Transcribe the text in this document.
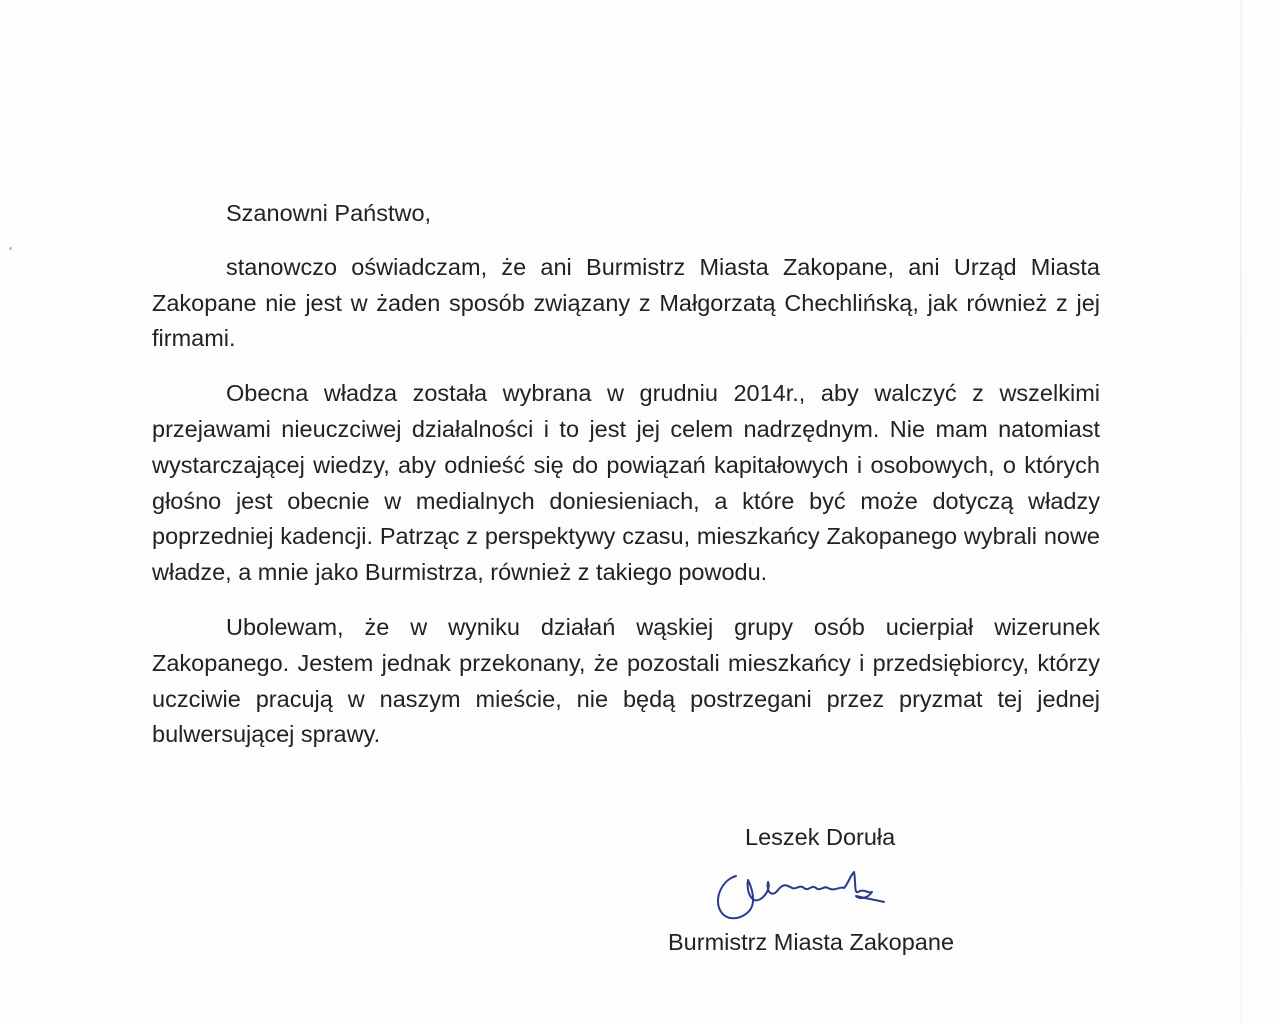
Szanowni Państwo,

stanowczo oświadczam, że ani Burmistrz Miasta Zakopane, ani Urząd Miasta Zakopane nie jest w żaden sposób związany z Małgorzatą Chechlińską, jak również z jej firmami.

Obecna władza została wybrana w grudniu 2014r., aby walczyć z wszelkimi przejawami nieuczciwej działalności i to jest jej celem nadrzędnym. Nie mam natomiast wystarczającej wiedzy, aby odnieść się do powiązań kapitałowych i osobowych, o których głośno jest obecnie w medialnych doniesieniach, a które być może dotyczą władzy poprzedniej kadencji. Patrząc z perspektywy czasu, mieszkańcy Zakopanego wybrali nowe władze, a mnie jako Burmistrza, również z takiego powodu.

Ubolewam, że w wyniku działań wąskiej grupy osób ucierpiał wizerunek Zakopanego. Jestem jednak przekonany, że pozostali mieszkańcy i przedsiębiorcy, którzy uczciwie pracują w naszym mieście, nie będą postrzegani przez pryzmat tej jednej bulwersującej sprawy.

Leszek Doruła
Burmistrz Miasta Zakopane
